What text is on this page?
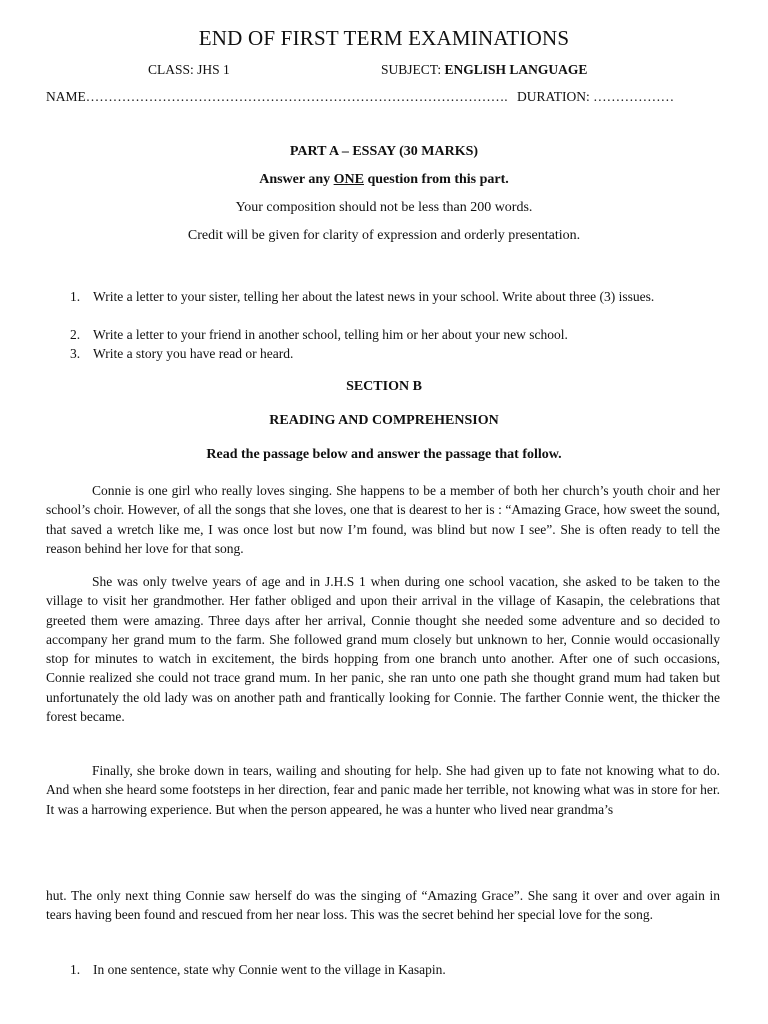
END OF FIRST TERM EXAMINATIONS
CLASS: JHS 1	SUBJECT: ENGLISH LANGUAGE
NAME…………………………………………………………………………………. DURATION: ………………
PART A – ESSAY (30 MARKS)
Answer any ONE question from this part.
Your composition should not be less than 200 words.
Credit will be given for clarity of expression and orderly presentation.
1. Write a letter to your sister, telling her about the latest news in your school. Write about three (3) issues.
2. Write a letter to your friend in another school, telling him or her about your new school.
3. Write a story you have read or heard.
SECTION B
READING AND COMPREHENSION
Read the passage below and answer the passage that follow.
Connie is one girl who really loves singing. She happens to be a member of both her church’s youth choir and her school’s choir. However, of all the songs that she loves, one that is dearest to her is : “Amazing Grace, how sweet the sound, that saved a wretch like me, I was once lost but now I’m found, was blind but now I see”. She is often ready to tell the reason behind her love for that song.
She was only twelve years of age and in J.H.S 1 when during one school vacation, she asked to be taken to the village to visit her grandmother. Her father obliged and upon their arrival in the village of Kasapin, the celebrations that greeted them were amazing. Three days after her arrival, Connie thought she needed some adventure and so decided to accompany her grand mum to the farm. She followed grand mum closely but unknown to her, Connie would occasionally stop for minutes to watch in excitement, the birds hopping from one branch unto another. After one of such occasions, Connie realized she could not trace grand mum. In her panic, she ran unto one path she thought grand mum had taken but unfortunately the old lady was on another path and frantically looking for Connie. The farther Connie went, the thicker the forest became.
Finally, she broke down in tears, wailing and shouting for help. She had given up to fate not knowing what to do. And when she heard some footsteps in her direction, fear and panic made her terrible, not knowing what was in store for her. It was a harrowing experience. But when the person appeared, he was a hunter who lived near grandma’s
hut. The only next thing Connie saw herself do was the singing of “Amazing Grace”. She sang it over and over again in tears having been found and rescued from her near loss. This was the secret behind her special love for the song.
1. In one sentence, state why Connie went to the village in Kasapin.
